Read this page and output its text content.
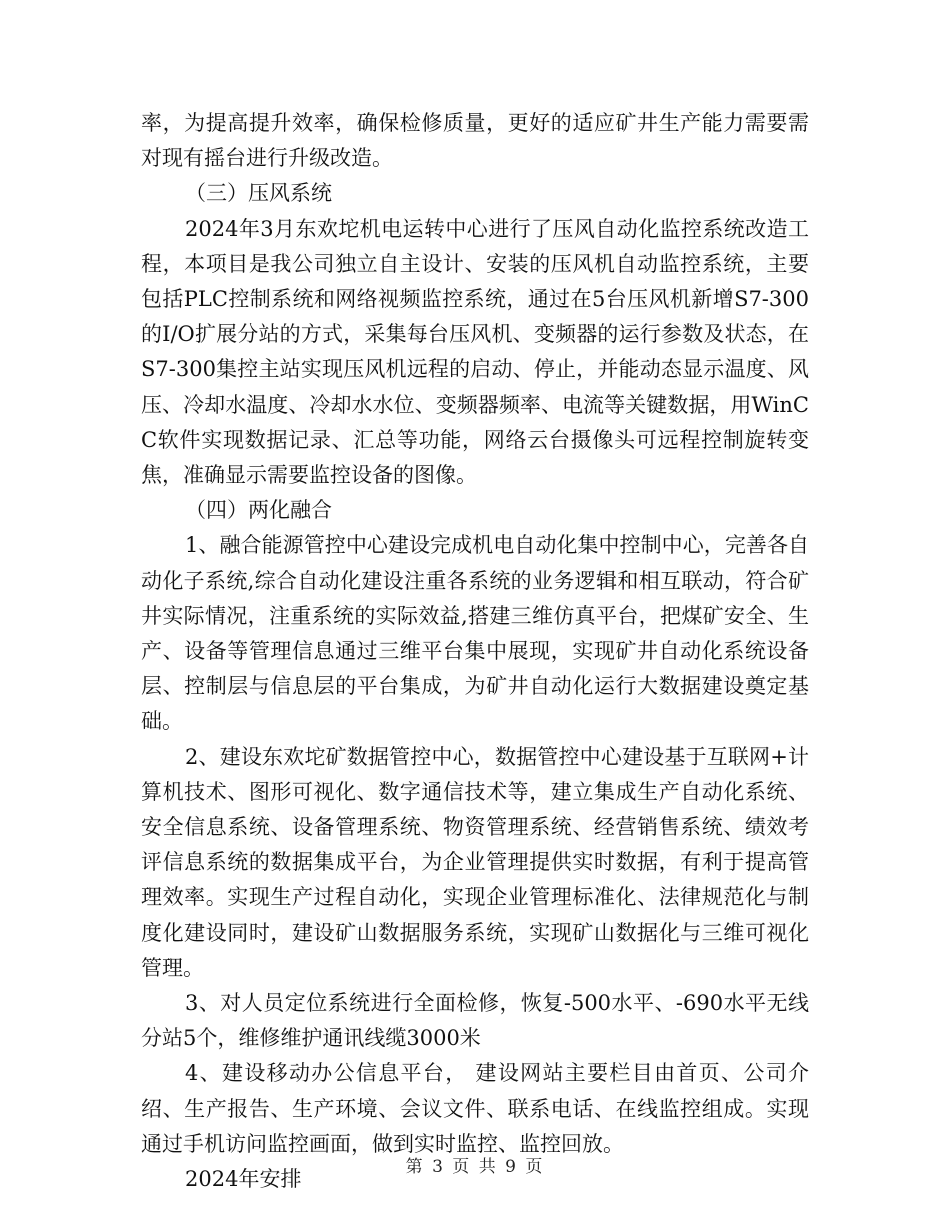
率，为提高提升效率，确保检修质量，更好的适应矿井生产能力需要需对现有摇台进行升级改造。

（三）压风系统

2024年3月东欢坨机电运转中心进行了压风自动化监控系统改造工程，本项目是我公司独立自主设计、安装的压风机自动监控系统，主要包括PLC控制系统和网络视频监控系统，通过在5台压风机新增S7-300的I/O扩展分站的方式，采集每台压风机、变频器的运行参数及状态，在 S7-300集控主站实现压风机远程的启动、停止，并能动态显示温度、风压、冷却水温度、冷却水水位、变频器频率、电流等关键数据，用WinCC软件实现数据记录、汇总等功能，网络云台摄像头可远程控制旋转变焦，准确显示需要监控设备的图像。

（四）两化融合

1、融合能源管控中心建设完成机电自动化集中控制中心，完善各自动化子系统,综合自动化建设注重各系统的业务逻辑和相互联动，符合矿井实际情况，注重系统的实际效益,搭建三维仿真平台，把煤矿安全、生产、设备等管理信息通过三维平台集中展现，实现矿井自动化系统设备层、控制层与信息层的平台集成，为矿井自动化运行大数据建设奠定基础。

2、建设东欢坨矿数据管控中心，数据管控中心建设基于互联网+计算机技术、图形可视化、数字通信技术等，建立集成生产自动化系统、安全信息系统、设备管理系统、物资管理系统、经营销售系统、绩效考评信息系统的数据集成平台，为企业管理提供实时数据，有利于提高管理效率。实现生产过程自动化，实现企业管理标准化、法律规范化与制度化建设同时，建设矿山数据服务系统，实现矿山数据化与三维可视化管理。

3、对人员定位系统进行全面检修，恢复-500水平、-690水平无线分站5个，维修维护通讯线缆3000米

4、建设移动办公信息平台， 建设网站主要栏目由首页、公司介绍、生产报告、生产环境、会议文件、联系电话、在线监控组成。实现通过手机访问监控画面，做到实时监控、监控回放。

2024年安排

第 3 页 共 9 页
